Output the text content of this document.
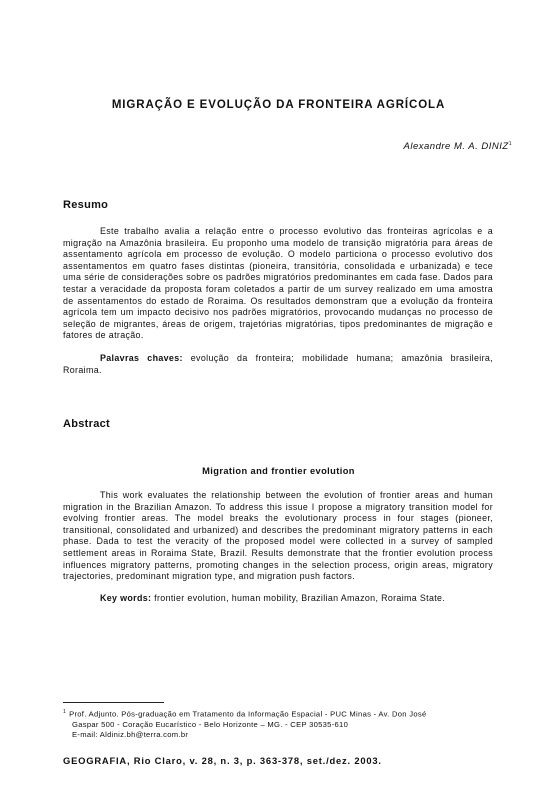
MIGRAÇÃO E EVOLUÇÃO DA FRONTEIRA AGRÍCOLA
Alexandre M. A. DINIZ$^1$
Resumo

Este trabalho avalia a relação entre o processo evolutivo das fronteiras agrícolas e a migração na Amazônia brasileira. Eu proponho uma modelo de transição migratória para áreas de assentamento agrícola em processo de evolução. O modelo particiona o processo evolutivo dos assentamentos em quatro fases distintas (pioneira, transitória, consolidada e urbanizada) e tece uma série de considerações sobre os padrões migratórios predominantes em cada fase. Dados para testar a veracidade da proposta foram coletados a partir de um survey realizado em uma amostra de assentamentos do estado de Roraima. Os resultados demonstram que a evolução da fronteira agrícola tem um impacto decisivo nos padrões migratórios, provocando mudanças no processo de seleção de migrantes, áreas de origem, trajetórias migratórias, tipos predominantes de migração e fatores de atração.

Palavras chaves: evolução da fronteira; mobilidade humana; amazônia brasileira, Roraima.

Abstract
Migration and frontier evolution

This work evaluates the relationship between the evolution of frontier areas and human migration in the Brazilian Amazon. To address this issue I propose a migratory transition model for evolving frontier areas. The model breaks the evolutionary process in four stages (pioneer, transitional, consolidated and urbanized) and describes the predominant migratory patterns in each phase. Dada to test the veracity of the proposed model were collected in a survey of sampled settlement areas in Roraima State, Brazil. Results demonstrate that the frontier evolution process influences migratory patterns, promoting changes in the selection process, origin areas, migratory trajectories, predominant migration type, and migration push factors.

Key words: frontier evolution, human mobility, Brazilian Amazon, Roraima State.

$^1$ Prof. Adjunto. Pós-graduação em Tratamento da Informação Espacial - PUC Minas - Av. Don José
Gaspar 500 - Coração Eucarístico - Belo Horizonte – MG. - CEP 30535-610
E-mail: Aldiniz.bh@terra.com.br
GEOGRAFIA, Rio Claro, v. 28, n. 3, p. 363-378, set./dez. 2003.
